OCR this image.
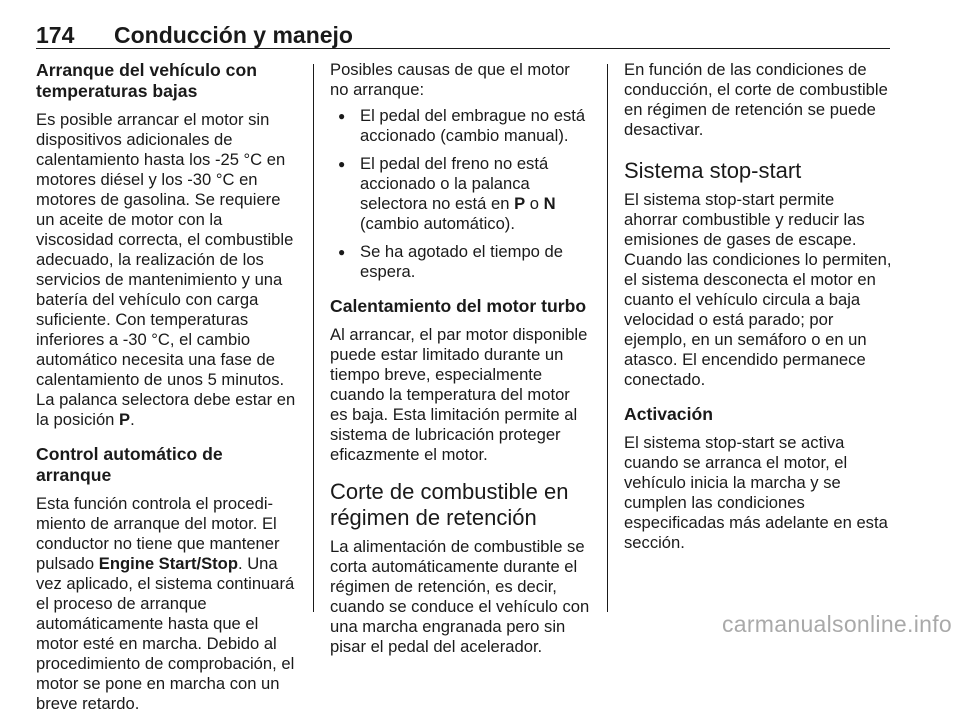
174 Conducción y manejo
Arranque del vehículo con temperaturas bajas

Es posible arrancar el motor sin dispositivos adicionales de calentamiento hasta los -25 °C en motores diésel y los -30 °C en motores de gasolina. Se requiere un aceite de motor con la viscosidad correcta, el combustible adecuado, la realización de los servicios de mantenimiento y una batería del vehículo con carga suficiente. Con temperaturas inferiores a -30 °C, el cambio automático necesita una fase de calentamiento de unos 5 minutos. La palanca selectora debe estar en la posición P.

Control automático de arranque

Esta función controla el procedimiento de arranque del motor. El conductor no tiene que mantener pulsado Engine Start/Stop. Una vez aplicado, el sistema continuará el proceso de arranque automáticamente hasta que el motor esté en marcha. Debido al procedimiento de comprobación, el motor se pone en marcha con un breve retardo.

Posibles causas de que el motor no arranque:

● El pedal del embrague no está accionado (cambio manual).
● El pedal del freno no está accionado o la palanca selectora no está en P o N (cambio automático).
● Se ha agotado el tiempo de espera.
Calentamiento del motor turbo

Al arrancar, el par motor disponible puede estar limitado durante un tiempo breve, especialmente cuando la temperatura del motor es baja. Esta limitación permite al sistema de lubricación proteger eficazmente el motor.

Corte de combustible en régimen de retención

La alimentación de combustible se corta automáticamente durante el régimen de retención, es decir, cuando se conduce el vehículo con una marcha engranada pero sin pisar el pedal del acelerador.

En función de las condiciones de conducción, el corte de combustible en régimen de retención se puede desactivar.

Sistema stop-start

El sistema stop-start permite ahorrar combustible y reducir las emisiones de gases de escape. Cuando las condiciones lo permiten, el sistema desconecta el motor en cuanto el vehículo circula a baja velocidad o está parado; por ejemplo, en un semáforo o en un atasco. El encendido permanece conectado.

Activación

El sistema stop-start se activa cuando se arranca el motor, el vehículo inicia la marcha y se cumplen las condiciones especificadas más adelante en esta sección.

carmanualsonline.info
